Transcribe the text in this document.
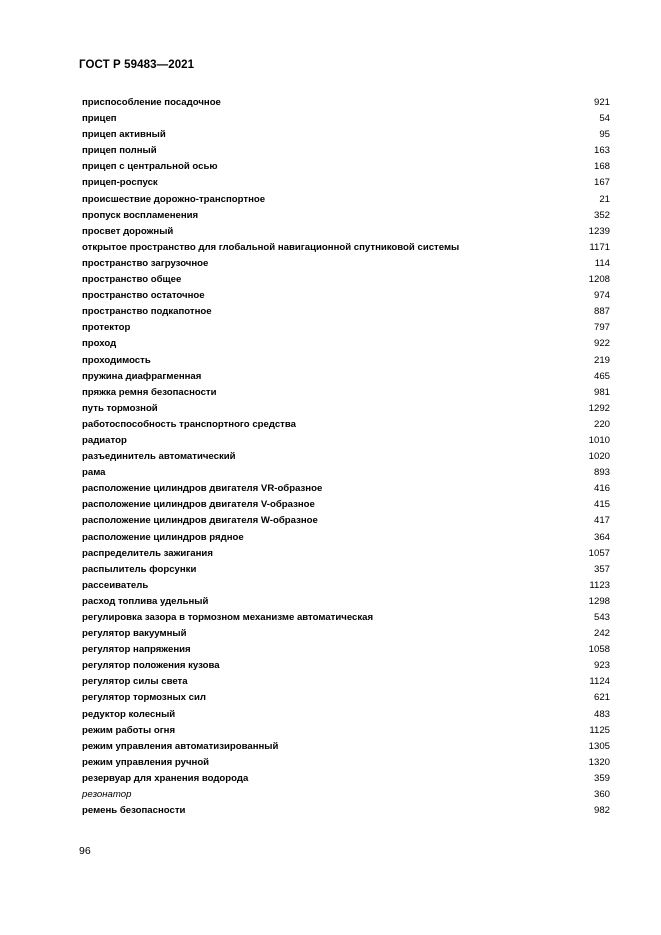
ГОСТ Р 59483—2021
приспособление посадочное	921
прицеп	54
прицеп активный	95
прицеп полный	163
прицеп с центральной осью	168
прицеп-роспуск	167
происшествие дорожно-транспортное	21
пропуск воспламенения	352
просвет дорожный	1239
открытое пространство для глобальной навигационной спутниковой системы	1171
пространство загрузочное	114
пространство общее	1208
пространство остаточное	974
пространство подкапотное	887
протектор	797
проход	922
проходимость	219
пружина диафрагменная	465
пряжка ремня безопасности	981
путь тормозной	1292
работоспособность транспортного средства	220
радиатор	1010
разъединитель автоматический	1020
рама	893
расположение цилиндров двигателя VR-образное	416
расположение цилиндров двигателя V-образное	415
расположение цилиндров двигателя W-образное	417
расположение цилиндров рядное	364
распределитель зажигания	1057
распылитель форсунки	357
рассеиватель	1123
расход топлива удельный	1298
регулировка зазора в тормозном механизме автоматическая	543
регулятор вакуумный	242
регулятор напряжения	1058
регулятор положения кузова	923
регулятор силы света	1124
регулятор тормозных сил	621
редуктор колесный	483
режим работы огня	1125
режим управления автоматизированный	1305
режим управления ручной	1320
резервуар для хранения водорода	359
резонатор	360
ремень безопасности	982
96
